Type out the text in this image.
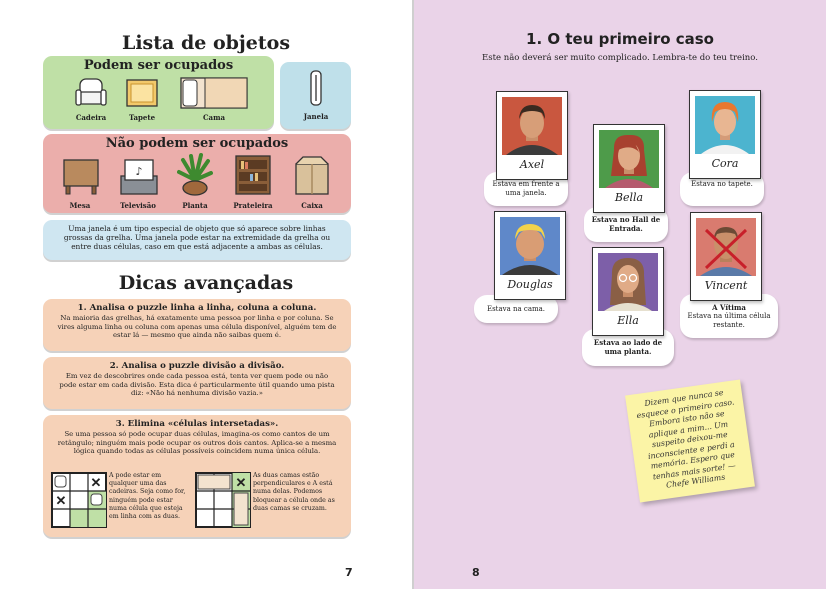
Lista de objetos
Podem ser ocupados
Cadeira	Tapete	Cama	Janela
Não podem ser ocupados
Mesa
♪
Televisão	Planta	Prateleira	Caixa
Uma janela é um tipo especial de objeto que só aparece sobre linhas grossas da grelha. Uma janela pode estar na extremidade da grelha ou entre duas células, caso em que está adjacente a ambas as células.
Dicas avançadas
1. Analisa o puzzle linha a linha, coluna a coluna.
Na maioria das grelhas, há exatamente uma pessoa por linha e por coluna. Se vires alguma linha ou coluna com apenas uma célula disponível, alguém tem de estar lá — mesmo que ainda não saibas quem é.
2. Analisa o puzzle divisão a divisão.
Em vez de descobrires onde cada pessoa está, tenta ver quem pode ou não pode estar em cada divisão. Esta dica é particularmente útil quando uma pista diz: «Não há nenhuma divisão vazia.»
3. Elimina «células intersetadas».
Se uma pessoa só pode ocupar duas células, imagina-os como cantos de um retângulo; ninguém mais pode ocupar os outros dois cantos. Aplica-se a mesma lógica quando todas as células possíveis coincidem numa única célula.
✕
✕
A pode estar em qualquer uma das cadeiras. Seja como for, ninguém pode estar numa célula que esteja em linha com as duas.
✕
As duas camas estão perpendiculares e A está numa delas. Podemos bloquear a célula onde as duas camas se cruzam.
7
1. O teu primeiro caso
Este não deverá ser muito complicado. Lembra-te do teu treino.
Estava em frente a uma janela.
Axel
Estava no Hall de Entrada.
Bella
Estava no tapete.
Cora
Estava na cama.
Douglas
Estava ao lado de uma planta.
Ella
A Vítima
Estava na última célula restante.
Vincent
Dizem que nunca se esquece o primeiro caso. Embora isto não se aplique a mim... Um suspeito deixou-me inconsciente e perdi a memória. Espero que tenhas mais sorte! — Chefe Williams
8
